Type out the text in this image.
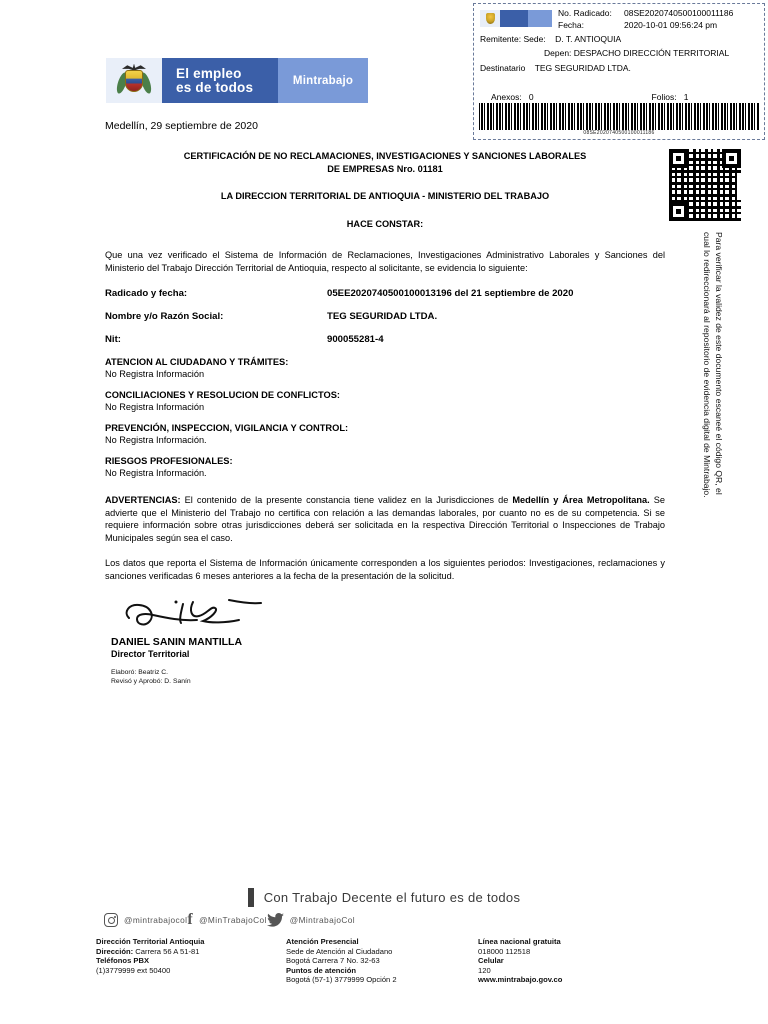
No. Radicado:	08SE2020740500100011186
Fecha:	2020-10-01 09:56:24 pm
Remitente: Sede: D. T. ANTIOQUIA
Depen: DESPACHO DIRECCIÓN TERRITORIAL
Destinatario TEG SEGURIDAD LTDA.
Anexos:
0	Folios:
1
08SE2020740500100011186
El empleo
es de todos	Mintrabajo
Para verificar la validez de este documento escaneé el código QR, el cual lo redireccionará al repositorio de evidencia digital de Mintrabajo.

Medellín, 29 septiembre de 2020

CERTIFICACIÓN DE NO RECLAMACIONES, INVESTIGACIONES Y SANCIONES LABORALES
DE EMPRESAS Nro. 01181
LA DIRECCION TERRITORIAL DE ANTIOQUIA - MINISTERIO DEL TRABAJO
HACE CONSTAR:

Que una vez verificado el Sistema de Información de Reclamaciones, Investigaciones Administrativo Laborales y Sanciones del Ministerio del Trabajo Dirección Territorial de Antioquia, respecto al solicitante, se evidencia lo siguiente:

Radicado y fecha:	05EE2020740500100013196 del 21 septiembre de 2020
Nombre y/o Razón Social:	TEG SEGURIDAD LTDA.
Nit:	900055281-4
ATENCION AL CIUDADANO Y TRÁMITES:
No Registra Información
CONCILIACIONES Y RESOLUCION DE CONFLICTOS:
No Registra Información
PREVENCIÓN, INSPECCION, VIGILANCIA Y CONTROL:
No Registra Información.
RIESGOS PROFESIONALES:
No Registra Información.

ADVERTENCIAS: El contenido de la presente constancia tiene validez en la Jurisdicciones de Medellín y Área Metropolitana. Se advierte que el Ministerio del Trabajo no certifica con relación a las demandas laborales, por cuanto no es de su competencia. Si se requiere información sobre otras jurisdicciones deberá ser solicitada en la respectiva Dirección Territorial o Inspecciones de Trabajo Municipales según sea el caso.

Los datos que reporta el Sistema de Información únicamente corresponden a los siguientes periodos: Investigaciones, reclamaciones y sanciones verificadas 6 meses anteriores a la fecha de la presentación de la solicitud.

DANIEL SANIN MANTILLA
Director Territorial
Elaboró: Beatriz C.
Revisó y Aprobó: D. Sanín
Con Trabajo Decente el futuro es de todos
@mintrabajocol f @MinTrabajoCol	@MintrabajoCol
Dirección Territorial Antioquia
Dirección: Carrera 56 A 51-81
Teléfonos PBX
(1)3779999 ext 50400
Atención Presencial
Sede de Atención al Ciudadano
Bogotá Carrera 7 No. 32-63
Puntos de atención
Bogotá (57-1) 3779999 Opción 2
Línea nacional gratuita
018000 112518
Celular
120
www.mintrabajo.gov.co
